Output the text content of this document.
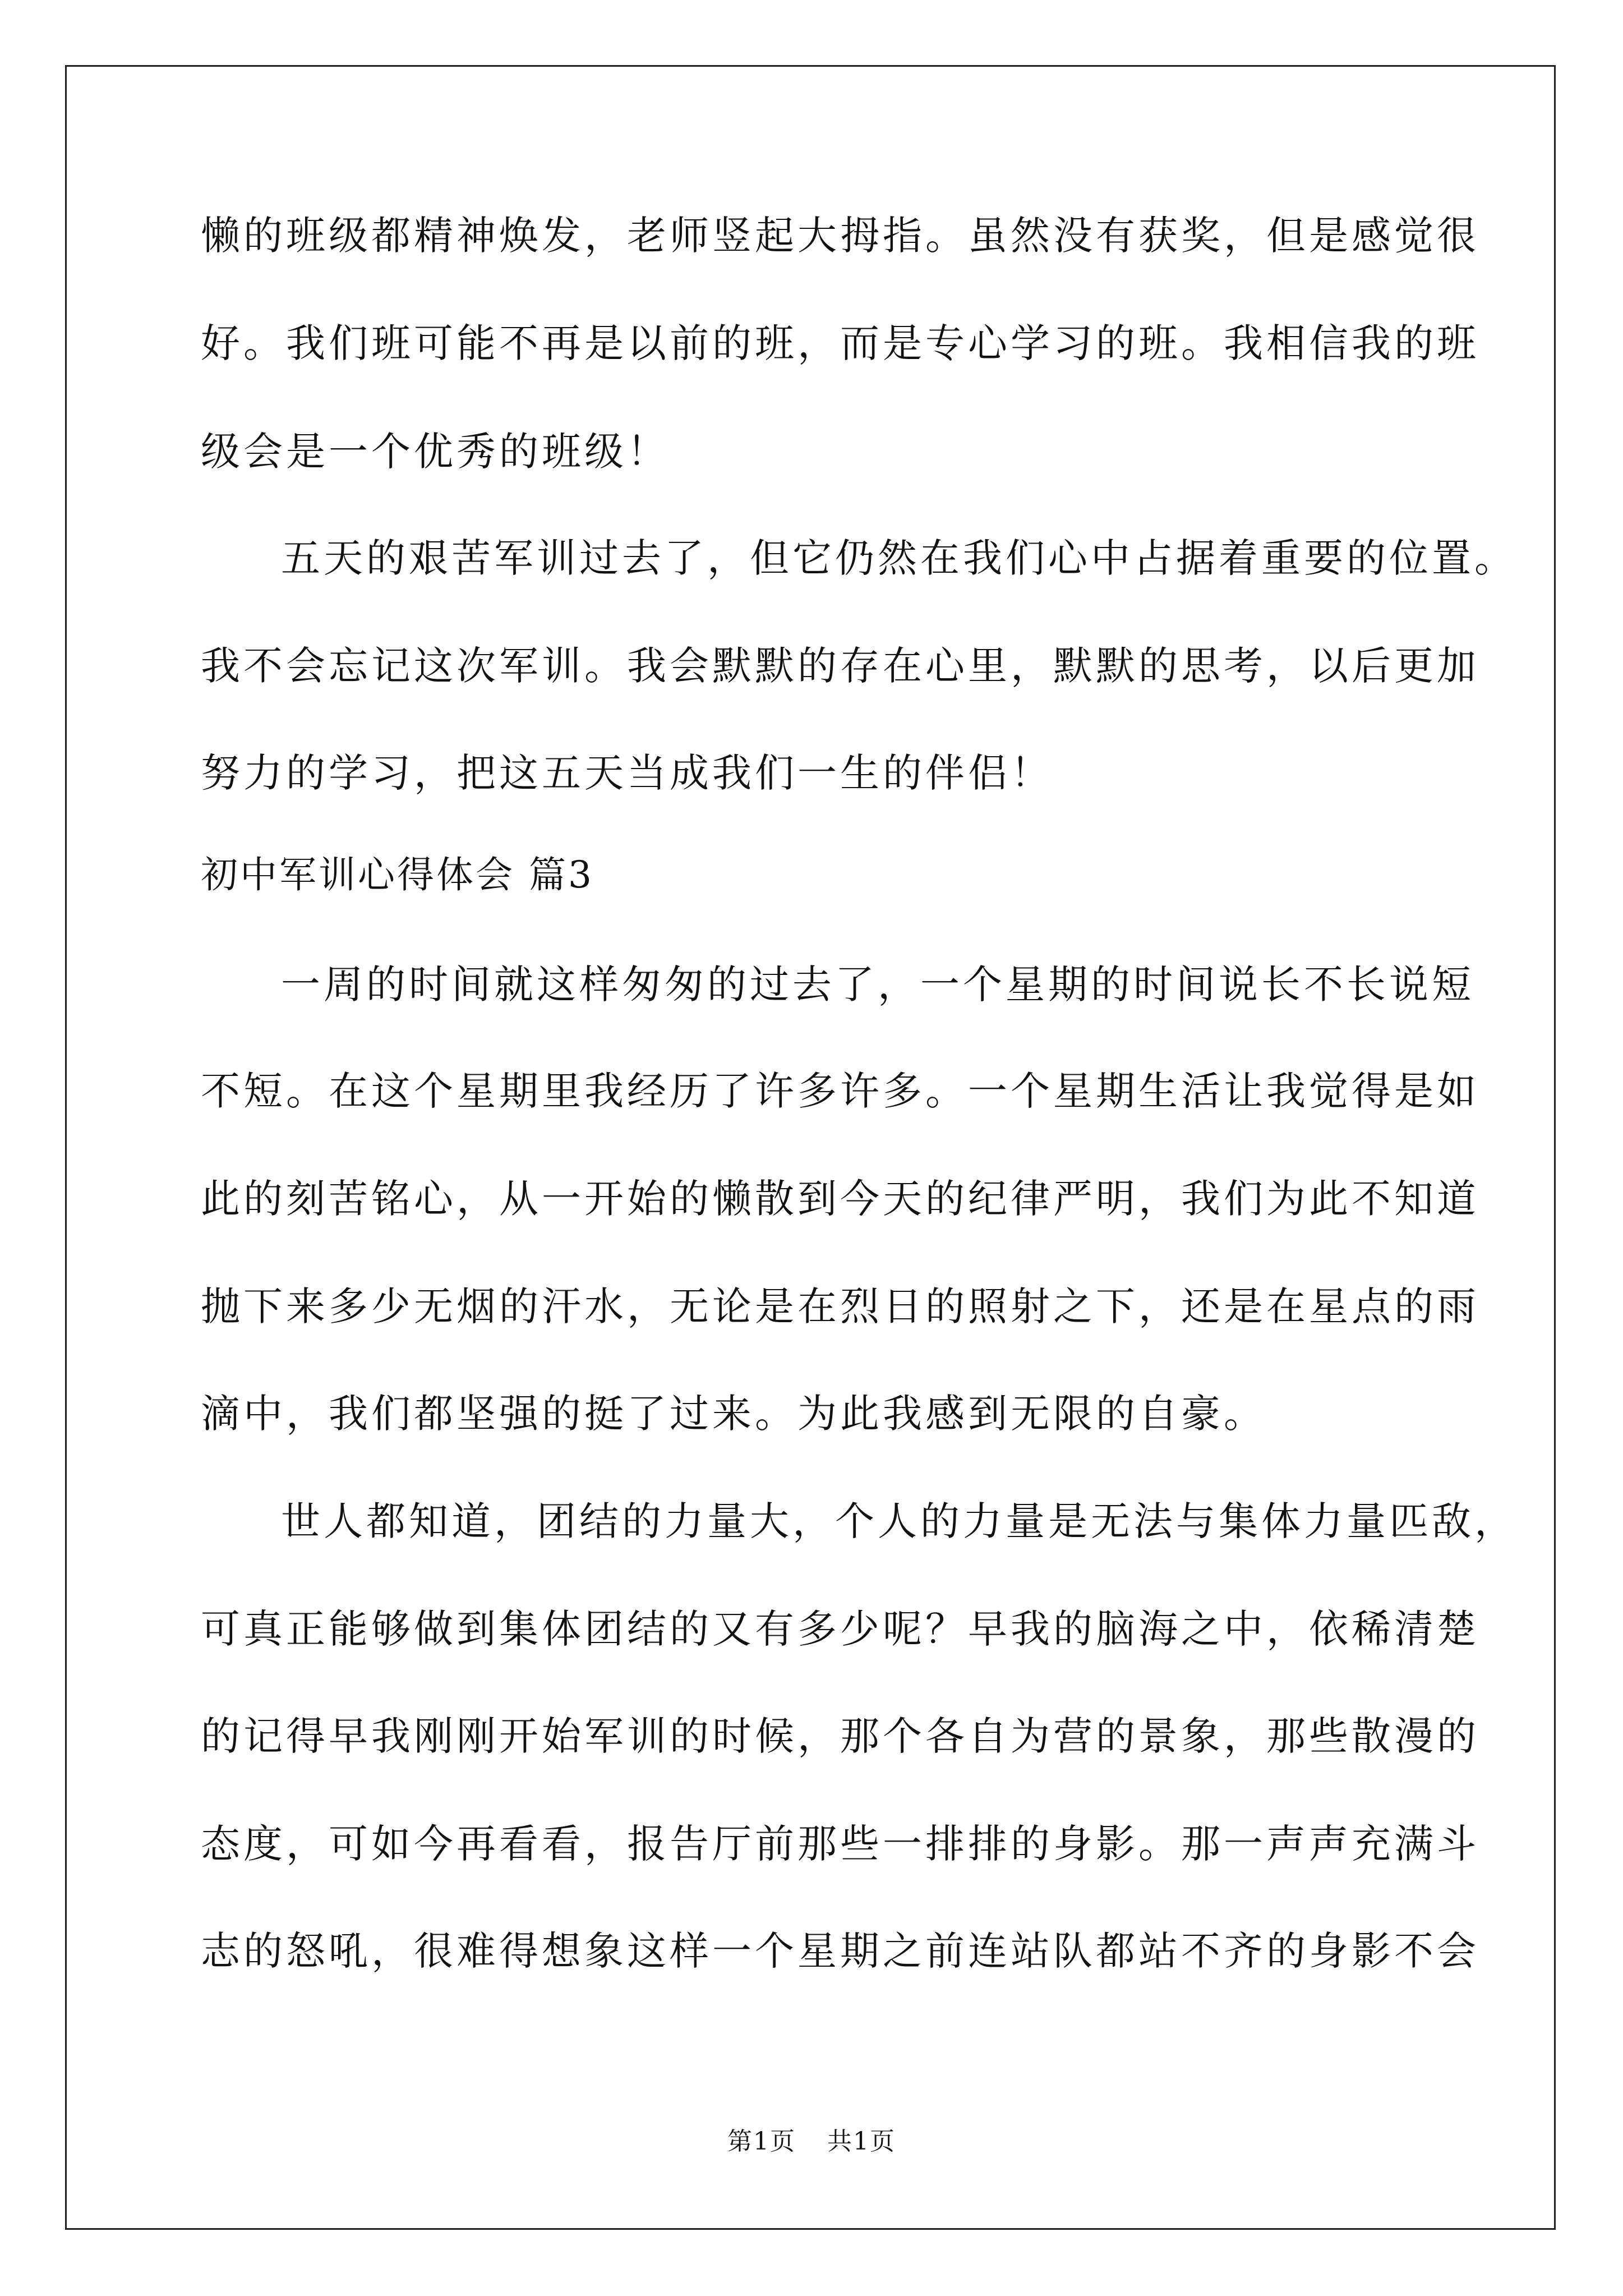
懒的班级都精神焕发，老师竖起大拇指。虽然没有获奖，但是感觉很
好。我们班可能不再是以前的班，而是专心学习的班。我相信我的班
级会是一个优秀的班级！
五天的艰苦军训过去了，但它仍然在我们心中占据着重要的位置。
我不会忘记这次军训。我会默默的存在心里，默默的思考，以后更加
努力的学习，把这五天当成我们一生的伴侣！
初中军训心得体会 篇3
一周的时间就这样匆匆的过去了，一个星期的时间说长不长说短
不短。在这个星期里我经历了许多许多。一个星期生活让我觉得是如
此的刻苦铭心，从一开始的懒散到今天的纪律严明，我们为此不知道
抛下来多少无烟的汗水，无论是在烈日的照射之下，还是在星点的雨
滴中，我们都坚强的挺了过来。为此我感到无限的自豪。
世人都知道，团结的力量大，个人的力量是无法与集体力量匹敌，
可真正能够做到集体团结的又有多少呢？早我的脑海之中，依稀清楚
的记得早我刚刚开始军训的时候，那个各自为营的景象，那些散漫的
态度，可如今再看看，报告厅前那些一排排的身影。那一声声充满斗
志的怒吼，很难得想象这样一个星期之前连站队都站不齐的身影不会
第1页 共1页
